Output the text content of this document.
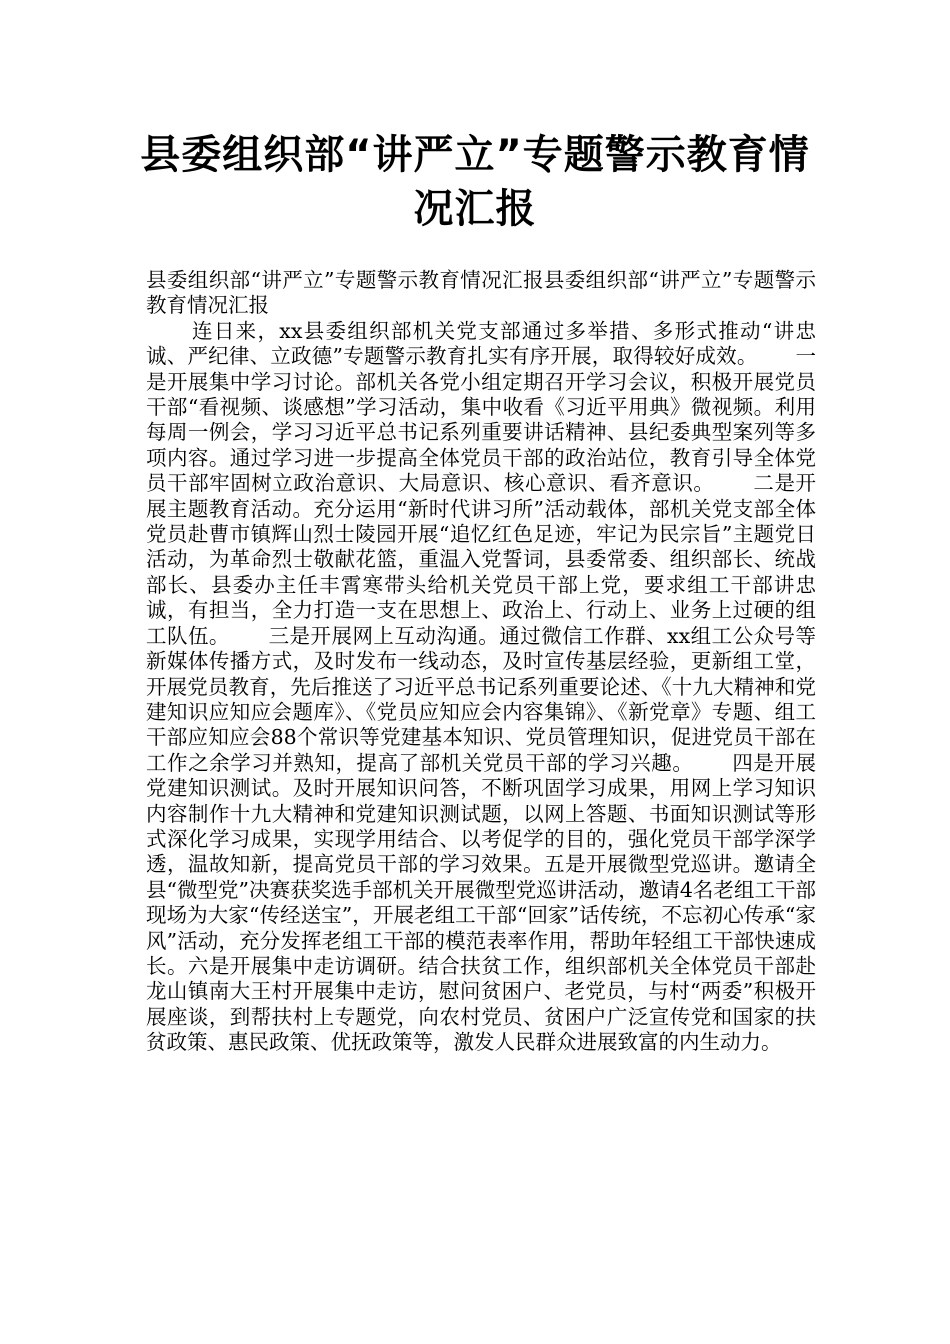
县委组织部“讲严立”专题警示教育情况汇报

县委组织部“讲严立”专题警示教育情况汇报县委组织部“讲严立”专题警示教育情况汇报

连日来，xx县委组织部机关党支部通过多举措、多形式推动“讲忠诚、严纪律、立政德”专题警示教育扎实有序开展，取得较好成效。　　 一是开展集中学习讨论。部机关各党小组定期召开学习会议，积极开展党员干部“看视频、谈感想”学习活动，集中收看《习近平用典》微视频。利用每周一例会，学习习近平总书记系列重要讲话精神、县纪委典型案列等多项内容。通过学习进一步提高全体党员干部的政治站位，教育引导全体党员干部牢固树立政治意识、大局意识、核心意识、看齐意识。　　 二是开展主题教育活动。充分运用“新时代讲习所”活动载体，部机关党支部全体党员赴曹市镇辉山烈士陵园开展“追忆红色足迹，牢记为民宗旨”主题党日活动，为革命烈士敬献花篮，重温入党誓词，县委常委、组织部长、统战部长、县委办主任丰霄寒带头给机关党员干部上党，要求组工干部讲忠诚，有担当，全力打造一支在思想上、政治上、行动上、业务上过硬的组工队伍。　　 三是开展网上互动沟通。通过微信工作群、xx组工公众号等新媒体传播方式，及时发布一线动态，及时宣传基层经验，更新组工堂，开展党员教育，先后推送了习近平总书记系列重要论述、《十九大精神和党建知识应知应会题库》、《党员应知应会内容集锦》、《新党章》专题、组工干部应知应会88个常识等党建基本知识、党员管理知识，促进党员干部在工作之余学习并熟知，提高了部机关党员干部的学习兴趣。　　 四是开展党建知识测试。及时开展知识问答，不断巩固学习成果，用网上学习知识内容制作十九大精神和党建知识测试题，以网上答题、书面知识测试等形式深化学习成果，实现学用结合、以考促学的目的，强化党员干部学深学透，温故知新，提高党员干部的学习效果。五是开展微型党巡讲。邀请全县“微型党”决赛获奖选手部机关开展微型党巡讲活动，邀请4名老组工干部现场为大家“传经送宝”，开展老组工干部“回家”话传统，不忘初心传承“家风”活动，充分发挥老组工干部的模范表率作用，帮助年轻组工干部快速成长。六是开展集中走访调研。结合扶贫工作，组织部机关全体党员干部赴龙山镇南大王村开展集中走访，慰问贫困户、老党员，与村“两委”积极开展座谈，到帮扶村上专题党，向农村党员、贫困户广泛宣传党和国家的扶贫政策、惠民政策、优抚政策等，激发人民群众进展致富的内生动力。
